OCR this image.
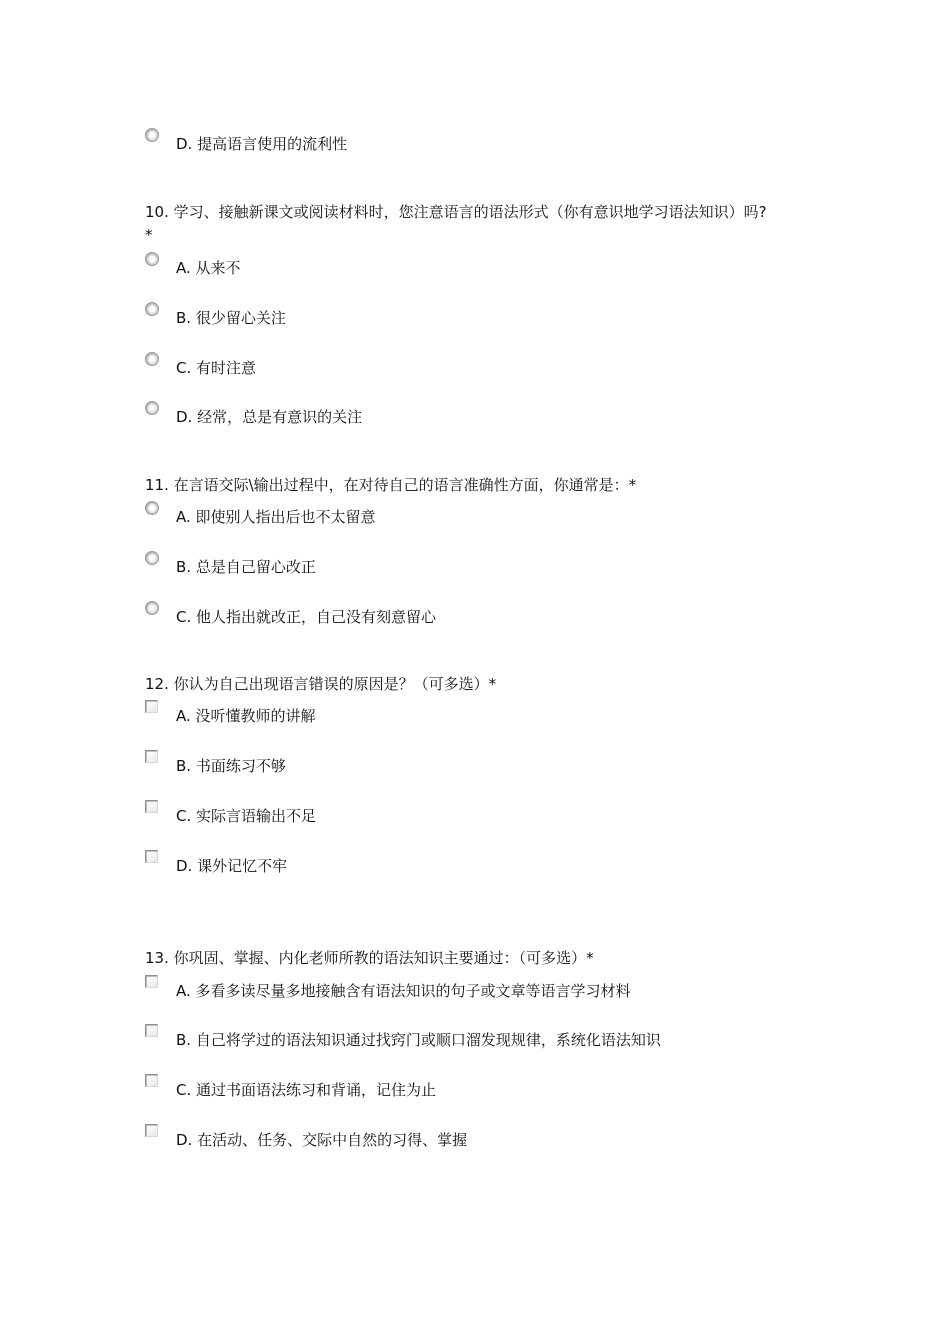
D. 提高语言使用的流利性
10. 学习、接触新课文或阅读材料时，您注意语言的语法形式（你有意识地学习语法知识）吗?
*
A. 从来不
B. 很少留心关注
C. 有时注意
D. 经常，总是有意识的关注
11. 在言语交际\输出过程中，在对待自己的语言准确性方面，你通常是：*
A. 即使别人指出后也不太留意
B. 总是自己留心改正
C. 他人指出就改正，自己没有刻意留心
12. 你认为自己出现语言错误的原因是？（可多选）*
A. 没听懂教师的讲解
B. 书面练习不够
C. 实际言语输出不足
D. 课外记忆不牢
13. 你巩固、掌握、内化老师所教的语法知识主要通过：（可多选）*
A. 多看多读尽量多地接触含有语法知识的句子或文章等语言学习材料
B. 自己将学过的语法知识通过找窍门或顺口溜发现规律，系统化语法知识
C. 通过书面语法练习和背诵，记住为止
D. 在活动、任务、交际中自然的习得、掌握
